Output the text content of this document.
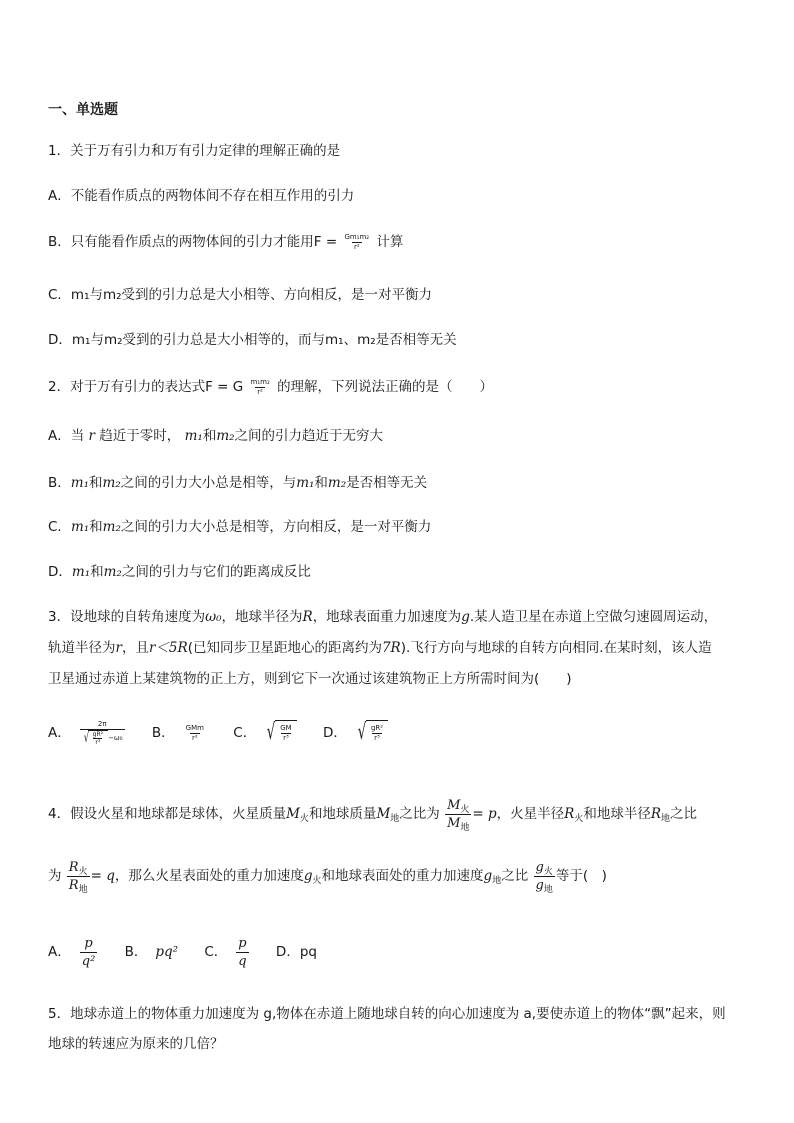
一、单选题
1．关于万有引力和万有引力定律的理解正确的是
A．不能看作质点的两物体间不存在相互作用的引力
B．只有能看作质点的两物体间的引力才能用$F = \frac{\text{Gm₁m₂}}{\text{r²}}$ 计算
C．m₁与m₂受到的引力总是大小相等、方向相反，是一对平衡力
D．m₁与m₂受到的引力总是大小相等的，而与m₁、m₂是否相等无关
2．对于万有引力的表达式F = G $\frac{\text{m₁m₂}}{\text{r²}}$ 的理解，下列说法正确的是（　　）
A．当 r 趋近于零时， m₁和m₂之间的引力趋近于无穷大
B．m₁和m₂之间的引力大小总是相等，与m₁和m₂是否相等无关
C．m₁和m₂之间的引力大小总是相等，方向相反，是一对平衡力
D．m₁和m₂之间的引力与它们的距离成反比
3．设地球的自转角速度为ω₀，地球半径为R，地球表面重力加速度为g.某人造卫星在赤道上空做匀速圆周运动，
轨道半径为r，且r＜5R(已知同步卫星距地心的距离约为7R).飞行方向与地球的自转方向相同.在某时刻，该人造
卫星通过赤道上某建筑物的正上方，则到它下一次通过该建筑物正上方所需时间为(　　)
A．
2π
√ $\frac{\text{gR²}}{\text{r³}} -\omega_0$
B． $\frac{\text{GMm}}{\text{r²}}$
C． √ $\frac{GM}{\text{r³}}$
D． √ $\frac{\text{gR²}}{\text{r³}}$
4．假设火星和地球都是球体，火星质量$M_火$和地球质量$M_地$之比为 $\frac{M_火}{M_地} = p$，火星半径$R_火$和地球半径$R_地$之比
为 $\frac{R_火}{R_地} = q$，那么火星表面处的重力加速度$g_火$和地球表面处的重力加速度$g_地$之比 $\frac{g_火}{g_地}$ 等于(　)
A． $\frac{p}{\text{q²}}$
B． pq²
C． $\frac{p}{q}$
D．pq
5．地球赤道上的物体重力加速度为 g,物体在赤道上随地球自转的向心加速度为 a,要使赤道上的物体“飘”起来，则
地球的转速应为原来的几倍？
